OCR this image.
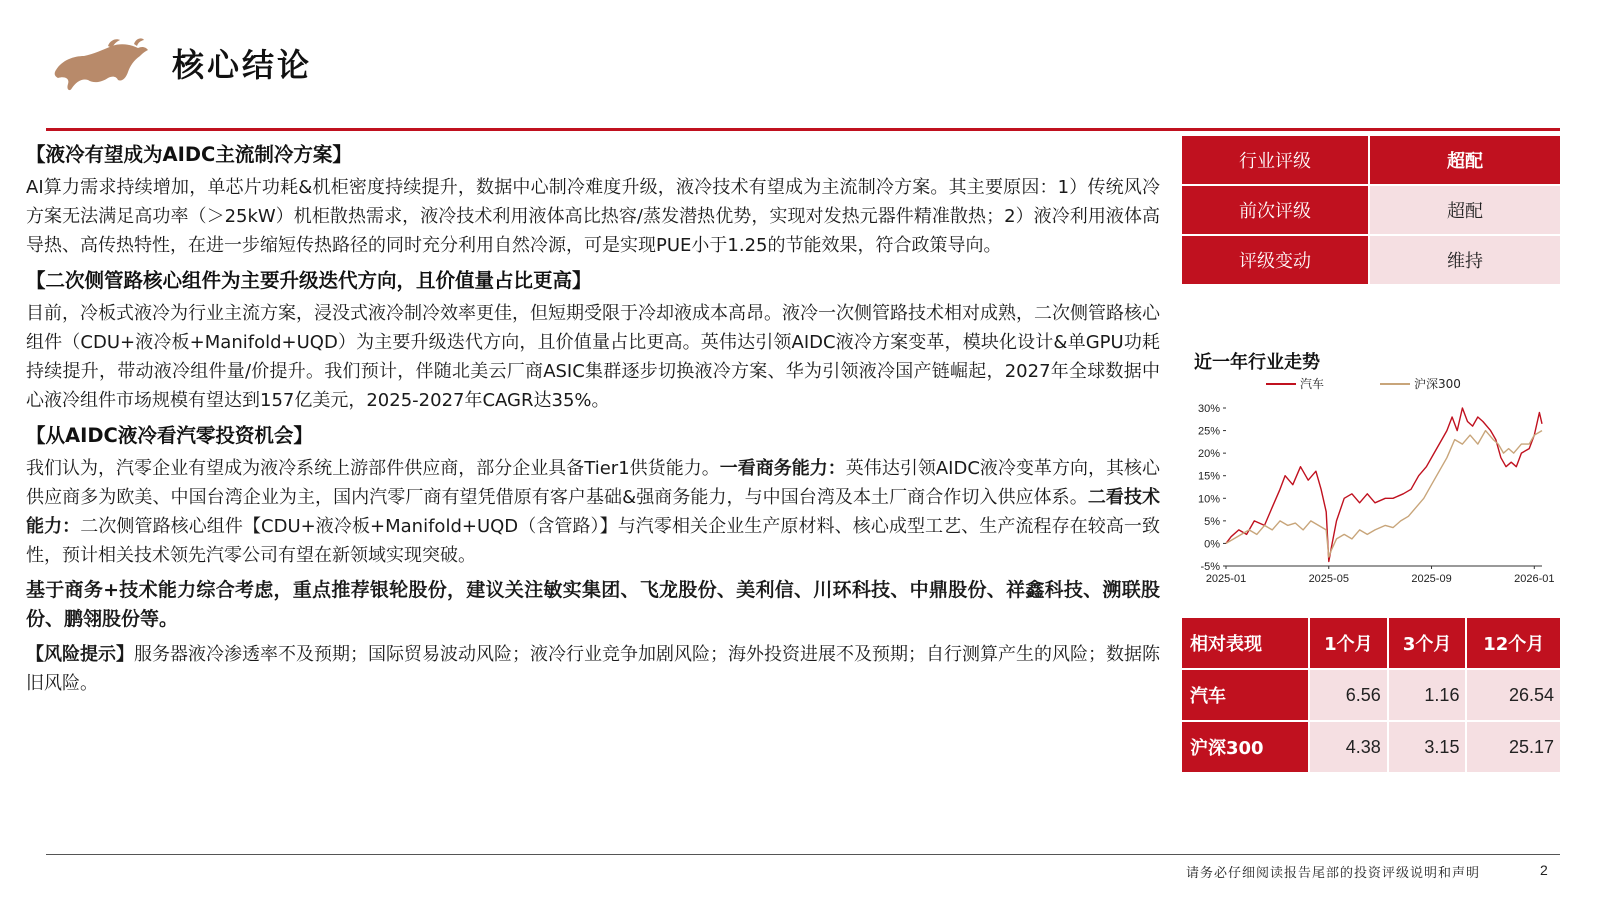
核心结论
【液冷有望成为AIDC主流制冷方案】

AI算力需求持续增加，单芯片功耗&机柜密度持续提升，数据中心制冷难度升级，液冷技术有望成为主流制冷方案。其主要原因：1）传统风冷方案无法满足高功率（＞25kW）机柜散热需求，液冷技术利用液体高比热容/蒸发潜热优势，实现对发热元器件精准散热；2）液冷利用液体高导热、高传热特性，在进一步缩短传热路径的同时充分利用自然冷源，可是实现PUE小于1.25的节能效果，符合政策导向。

【二次侧管路核心组件为主要升级迭代方向，且价值量占比更高】

目前，冷板式液冷为行业主流方案，浸没式液冷制冷效率更佳，但短期受限于冷却液成本高昂。液冷一次侧管路技术相对成熟，二次侧管路核心组件（CDU+液冷板+Manifold+UQD）为主要升级迭代方向，且价值量占比更高。英伟达引领AIDC液冷方案变革，模块化设计&单GPU功耗持续提升，带动液冷组件量/价提升。我们预计，伴随北美云厂商ASIC集群逐步切换液冷方案、华为引领液冷国产链崛起，2027年全球数据中心液冷组件市场规模有望达到157亿美元，2025-2027年CAGR达35%。

【从AIDC液冷看汽零投资机会】

我们认为，汽零企业有望成为液冷系统上游部件供应商，部分企业具备Tier1供货能力。一看商务能力：英伟达引领AIDC液冷变革方向，其核心供应商多为欧美、中国台湾企业为主，国内汽零厂商有望凭借原有客户基础&强商务能力，与中国台湾及本土厂商合作切入供应体系。二看技术能力：二次侧管路核心组件【CDU+液冷板+Manifold+UQD（含管路）】与汽零相关企业生产原材料、核心成型工艺、生产流程存在较高一致性，预计相关技术领先汽零公司有望在新领域实现突破。

基于商务+技术能力综合考虑，重点推荐银轮股份，建议关注敏实集团、飞龙股份、美利信、川环科技、中鼎股份、祥鑫科技、溯联股份、鹏翎股份等。

【风险提示】服务器液冷渗透率不及预期；国际贸易波动风险；液冷行业竞争加剧风险；海外投资进展不及预期；自行测算产生的风险；数据陈旧风险。

行业评级	超配
前次评级	超配
评级变动	维持
近一年行业走势
30%
25%
20%
15%
10%
5%
0%
-5%
2025-01	2025-05	2025-09	2026-01
汽车	沪深300
相对表现	1个月	3个月	12个月
汽车	6.56	1.16	26.54
沪深300	4.38	3.15	25.17
请务必仔细阅读报告尾部的投资评级说明和声明	2
